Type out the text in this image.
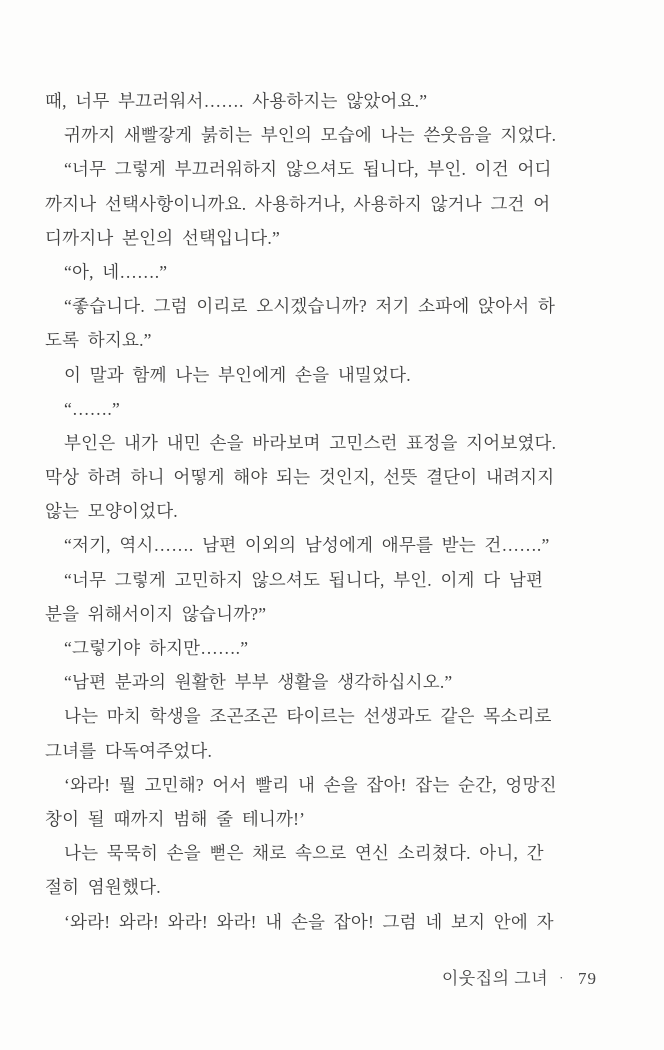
때, 너무 부끄러워서……. 사용하지는 않았어요.”
귀까지 새빨갛게 붉히는 부인의 모습에 나는 쓴웃음을 지었다.
“너무 그렇게 부끄러워하지 않으셔도 됩니다, 부인. 이건 어디
까지나 선택사항이니까요. 사용하거나, 사용하지 않거나 그건 어
디까지나 본인의 선택입니다.”
“아, 네…….”
“좋습니다. 그럼 이리로 오시겠습니까? 저기 소파에 앉아서 하
도록 하지요.”
이 말과 함께 나는 부인에게 손을 내밀었다.
“…….”
부인은 내가 내민 손을 바라보며 고민스런 표정을 지어보였다.
막상 하려 하니 어떻게 해야 되는 것인지, 선뜻 결단이 내려지지
않는 모양이었다.
“저기, 역시……. 남편 이외의 남성에게 애무를 받는 건…….”
“너무 그렇게 고민하지 않으셔도 됩니다, 부인. 이게 다 남편
분을 위해서이지 않습니까?”
“그렇기야 하지만…….”
“남편 분과의 원활한 부부 생활을 생각하십시오.”
나는 마치 학생을 조곤조곤 타이르는 선생과도 같은 목소리로
그녀를 다독여주었다.
‘와라! 뭘 고민해? 어서 빨리 내 손을 잡아! 잡는 순간, 엉망진
창이 될 때까지 범해 줄 테니까!’
나는 묵묵히 손을 뻗은 채로 속으로 연신 소리쳤다. 아니, 간
절히 염원했다.
‘와라! 와라! 와라! 와라! 내 손을 잡아! 그럼 네 보지 안에 자
이웃집의 그녀 · 79
